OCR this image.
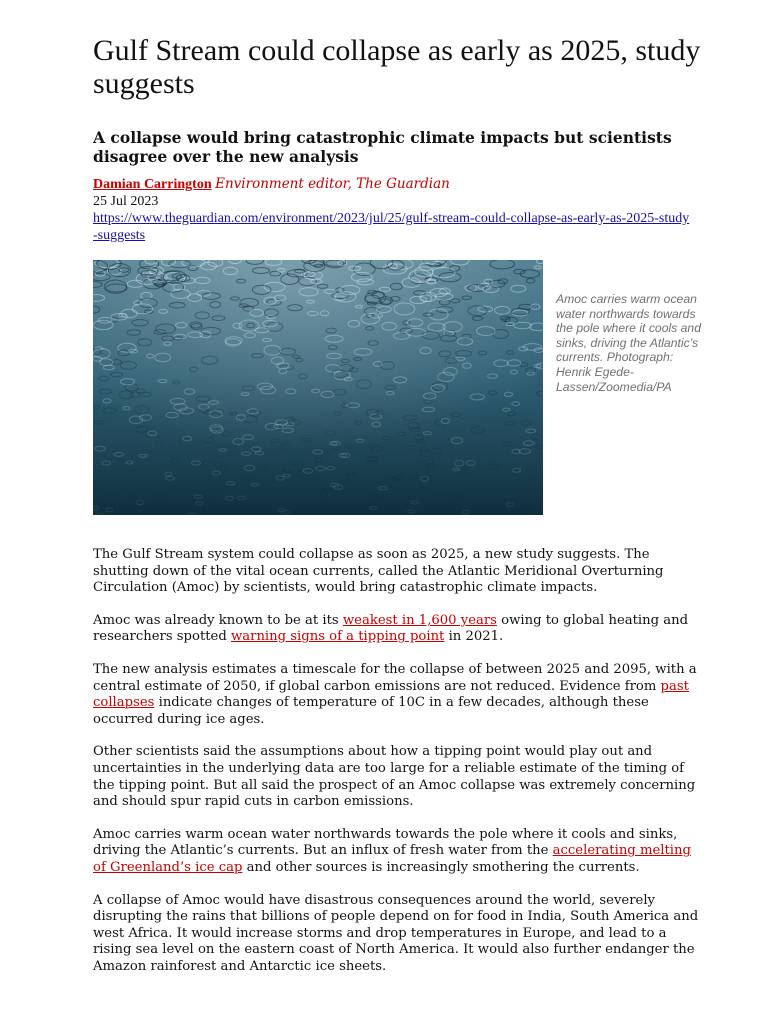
Gulf Stream could collapse as early as 2025, study suggests
A collapse would bring catastrophic climate impacts but scientists disagree over the new analysis
Damian Carrington Environment editor, The Guardian
25 Jul 2023
https://www.theguardian.com/environment/2023/jul/25/gulf-stream-could-collapse-as-early-as-2025-study-suggests
Amoc carries warm ocean water northwards towards the pole where it cools and sinks, driving the Atlantic’s currents. Photograph: Henrik Egede-Lassen/Zoomedia/PA

The Gulf Stream system could collapse as soon as 2025, a new study suggests. The shutting down of the vital ocean currents, called the Atlantic Meridional Overturning Circulation (Amoc) by scientists, would bring catastrophic climate impacts.

Amoc was already known to be at its weakest in 1,600 years owing to global heating and researchers spotted warning signs of a tipping point in 2021.

The new analysis estimates a timescale for the collapse of between 2025 and 2095, with a central estimate of 2050, if global carbon emissions are not reduced. Evidence from past collapses indicate changes of temperature of 10C in a few decades, although these occurred during ice ages.

Other scientists said the assumptions about how a tipping point would play out and uncertainties in the underlying data are too large for a reliable estimate of the timing of the tipping point. But all said the prospect of an Amoc collapse was extremely concerning and should spur rapid cuts in carbon emissions.

Amoc carries warm ocean water northwards towards the pole where it cools and sinks, driving the Atlantic’s currents. But an influx of fresh water from the accelerating melting of Greenland’s ice cap and other sources is increasingly smothering the currents.

A collapse of Amoc would have disastrous consequences around the world, severely disrupting the rains that billions of people depend on for food in India, South America and west Africa. It would increase storms and drop temperatures in Europe, and lead to a rising sea level on the eastern coast of North America. It would also further endanger the Amazon rainforest and Antarctic ice sheets.
